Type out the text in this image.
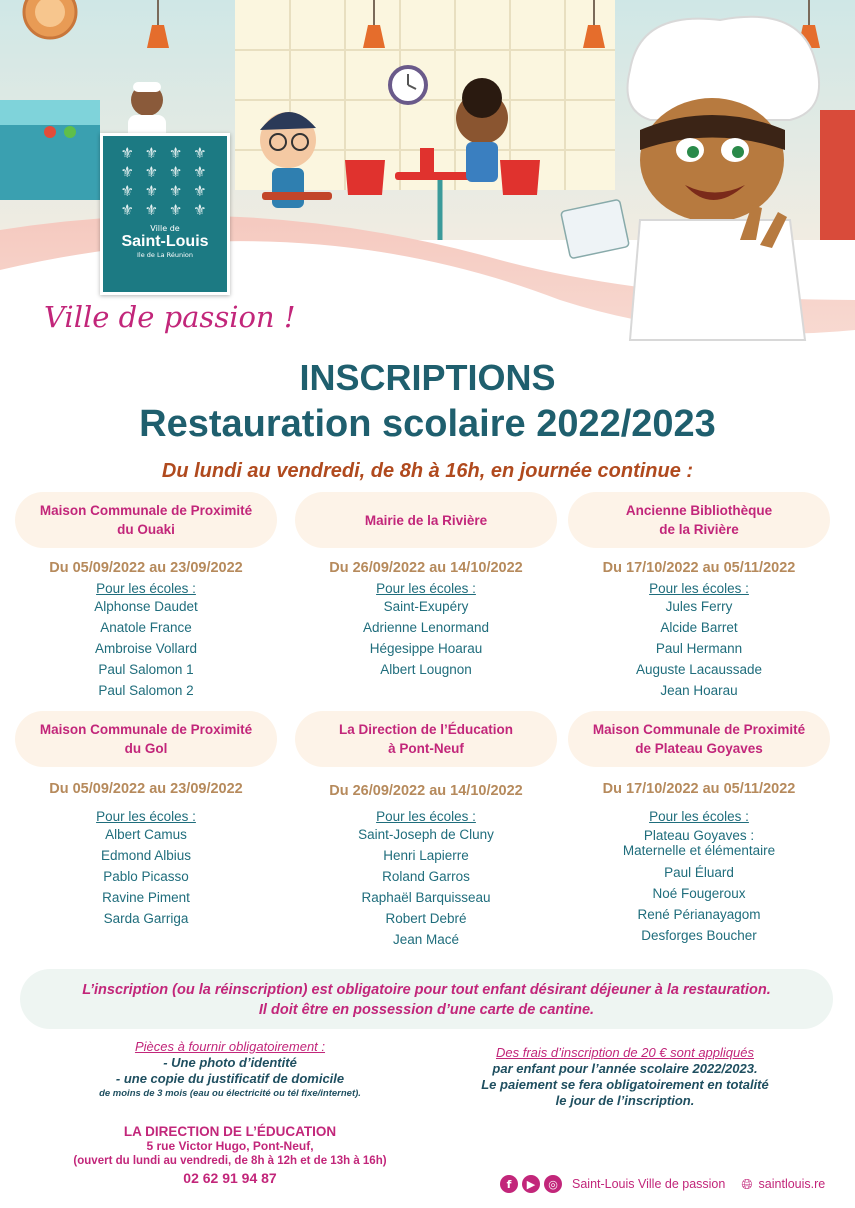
⚜ ⚜ ⚜ ⚜
⚜ ⚜ ⚜ ⚜
⚜ ⚜ ⚜ ⚜
⚜ ⚜ ⚜ ⚜
Ville de
Saint-Louis
Ile de La Réunion
Ville de passion !
INSCRIPTIONS
Restauration scolaire 2022/2023
Du lundi au vendredi, de 8h à 16h, en journée continue :
Maison Communale de Proximité
du Ouaki
Du 05/09/2022 au 23/09/2022
Pour les écoles :
Alphonse Daudet
Anatole France
Ambroise Vollard
Paul Salomon 1
Paul Salomon 2
Mairie de la Rivière
Du 26/09/2022 au 14/10/2022
Pour les écoles :
Saint-Exupéry
Adrienne Lenormand
Hégesippe Hoarau
Albert Lougnon
Ancienne Bibliothèque
de la Rivière
Du 17/10/2022 au 05/11/2022
Pour les écoles :
Jules Ferry
Alcide Barret
Paul Hermann
Auguste Lacaussade
Jean Hoarau
Maison Communale de Proximité
du Gol
Du 05/09/2022 au 23/09/2022
Pour les écoles :
Albert Camus
Edmond Albius
Pablo Picasso
Ravine Piment
Sarda Garriga
La Direction de l’Éducation
à Pont-Neuf
Du 26/09/2022 au 14/10/2022
Pour les écoles :
Saint-Joseph de Cluny
Henri Lapierre
Roland Garros
Raphaël Barquisseau
Robert Debré
Jean Macé
Maison Communale de Proximité
de Plateau Goyaves
Du 17/10/2022 au 05/11/2022
Pour les écoles :
Plateau Goyaves :
Maternelle et élémentaire
Paul Éluard
Noé Fougeroux
René Périanayagom
Desforges Boucher
L’inscription (ou la réinscription) est obligatoire pour tout enfant désirant déjeuner à la restauration.
Il doit être en possession d’une carte de cantine.
Pièces à fournir obligatoirement :
- Une photo d’identité
- une copie du justificatif de domicile
de moins de 3 mois (eau ou électricité ou tél fixe/internet).
Des frais d’inscription de 20 € sont appliqués
par enfant pour l’année scolaire 2022/2023.
Le paiement se fera obligatoirement en totalité
le jour de l’inscription.
LA DIRECTION DE L’ÉDUCATION
5 rue Victor Hugo, Pont-Neuf,
(ouvert du lundi au vendredi, de 8h à 12h et de 13h à 16h)
02 62 91 94 87	f	▶	◎	Saint-Louis Ville de passion 🌐︎ saintlouis.re
